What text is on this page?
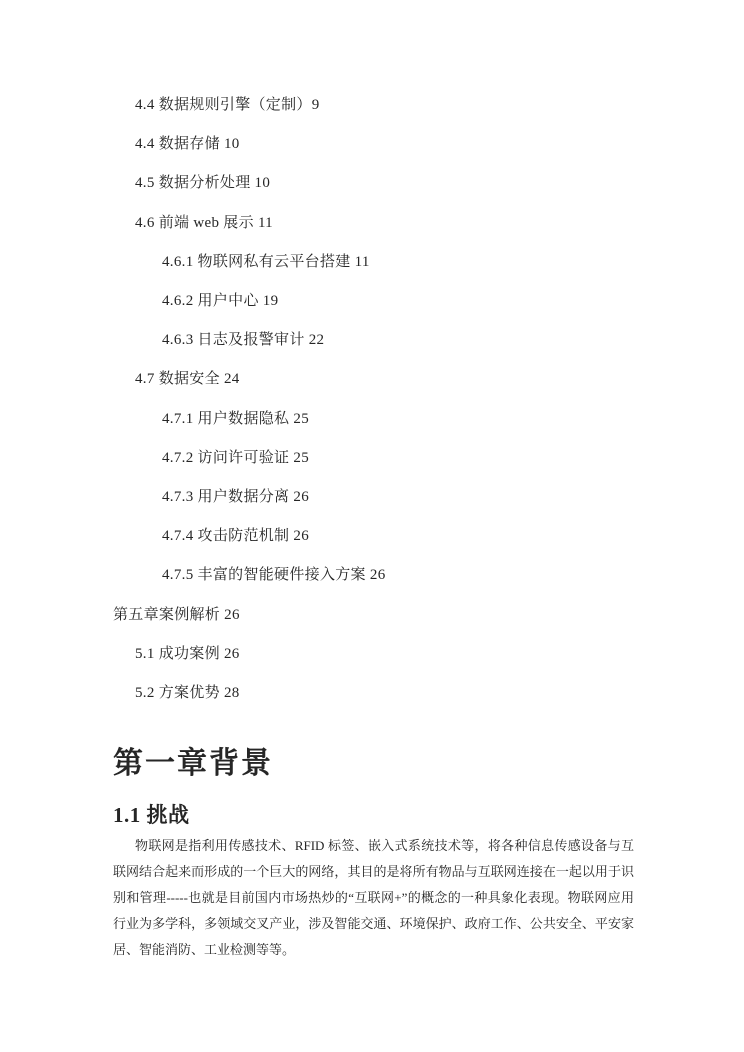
4.4 数据规则引擎（定制）9
4.4 数据存储 10
4.5 数据分析处理 10
4.6 前端 web 展示 11
4.6.1 物联网私有云平台搭建 11
4.6.2 用户中心 19
4.6.3 日志及报警审计 22
4.7 数据安全 24
4.7.1 用户数据隐私 25
4.7.2 访问许可验证 25
4.7.3 用户数据分离 26
4.7.4 攻击防范机制 26
4.7.5 丰富的智能硬件接入方案 26
第五章案例解析 26
5.1 成功案例 26
5.2 方案优势 28
第一章背景
1.1 挑战

物联网是指利用传感技术、RFID 标签、嵌入式系统技术等，将各种信息传感设备与互联网结合起来而形成的一个巨大的网络，其目的是将所有物品与互联网连接在一起以用于识别和管理-----也就是目前国内市场热炒的“互联网+”的概念的一种具象化表现。物联网应用行业为多学科，多领域交叉产业，涉及智能交通、环境保护、政府工作、公共安全、平安家居、智能消防、工业检测等等。
